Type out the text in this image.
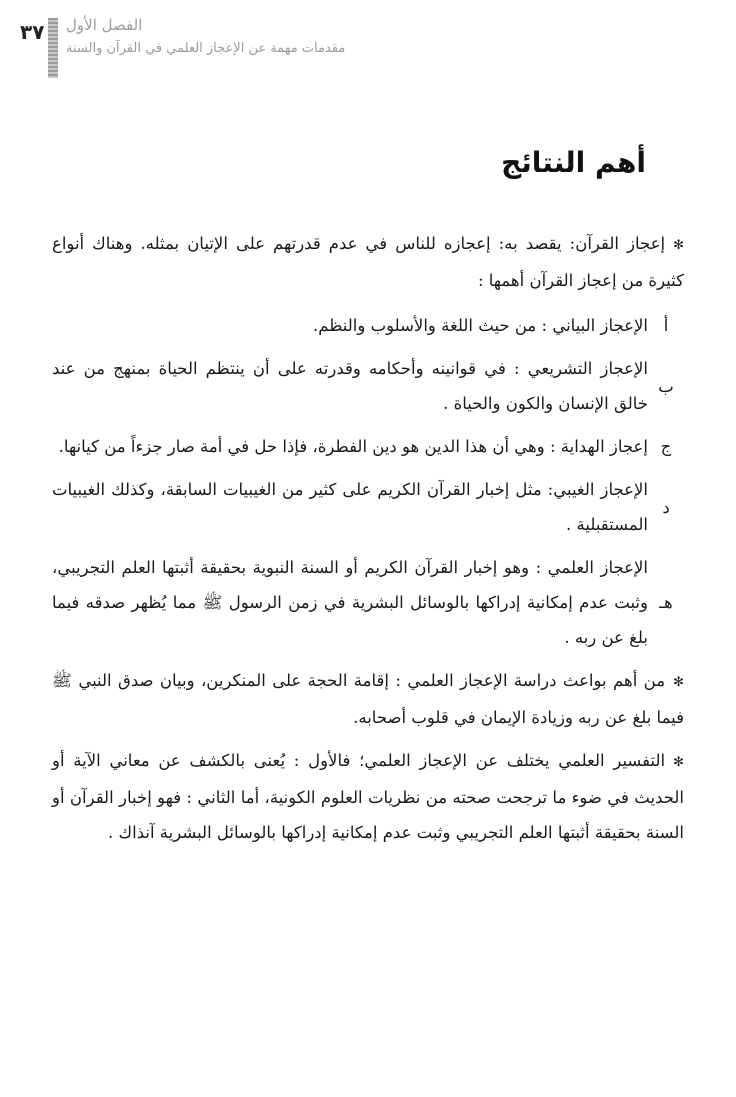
٣٧ الفصل الأول
مقدمات مهمة عن الإعجاز العلمي في القرآن والسنة
أهم النتائج

✻إعجاز القرآن: يقصد به: إعجازه للناس في عدم قدرتهم على الإتيان بمثله. وهناك أنواع كثيرة من إعجاز القرآن أهمها :

أ
الإعجاز البياني : من حيث اللغة والأسلوب والنظم.
ب
الإعجاز التشريعي : في قوانينه وأحكامه وقدرته على أن ينتظم الحياة بمنهج من عند خالق الإنسان والكون والحياة .
ج
إعجاز الهداية : وهي أن هذا الدين هو دين الفطرة، فإذا حل في أمة صار جزءاً من كيانها.
د
الإعجاز الغيبي: مثل إخبار القرآن الكريم على كثير من الغيبيات السابقة، وكذلك الغيبيات المستقبلية .
هـ
الإعجاز العلمي : وهو إخبار القرآن الكريم أو السنة النبوية بحقيقة أثبتها العلم التجريبي، وثبت عدم إمكانية إدراكها بالوسائل البشرية في زمن الرسول ﷺ مما يُظهر صدقه فيما بلغ عن ربه .

✻من أهم بواعث دراسة الإعجاز العلمي : إقامة الحجة على المنكرين، وبيان صدق النبي ﷺ فيما بلغ عن ربه وزيادة الإيمان في قلوب أصحابه.

✻التفسير العلمي يختلف عن الإعجاز العلمي؛ فالأول : يُعنى بالكشف عن معاني الآية أو الحديث في ضوء ما ترجحت صحته من نظريات العلوم الكونية، أما الثاني : فهو إخبار القرآن أو السنة بحقيقة أثبتها العلم التجريبي وثبت عدم إمكانية إدراكها بالوسائل البشرية آنذاك .
